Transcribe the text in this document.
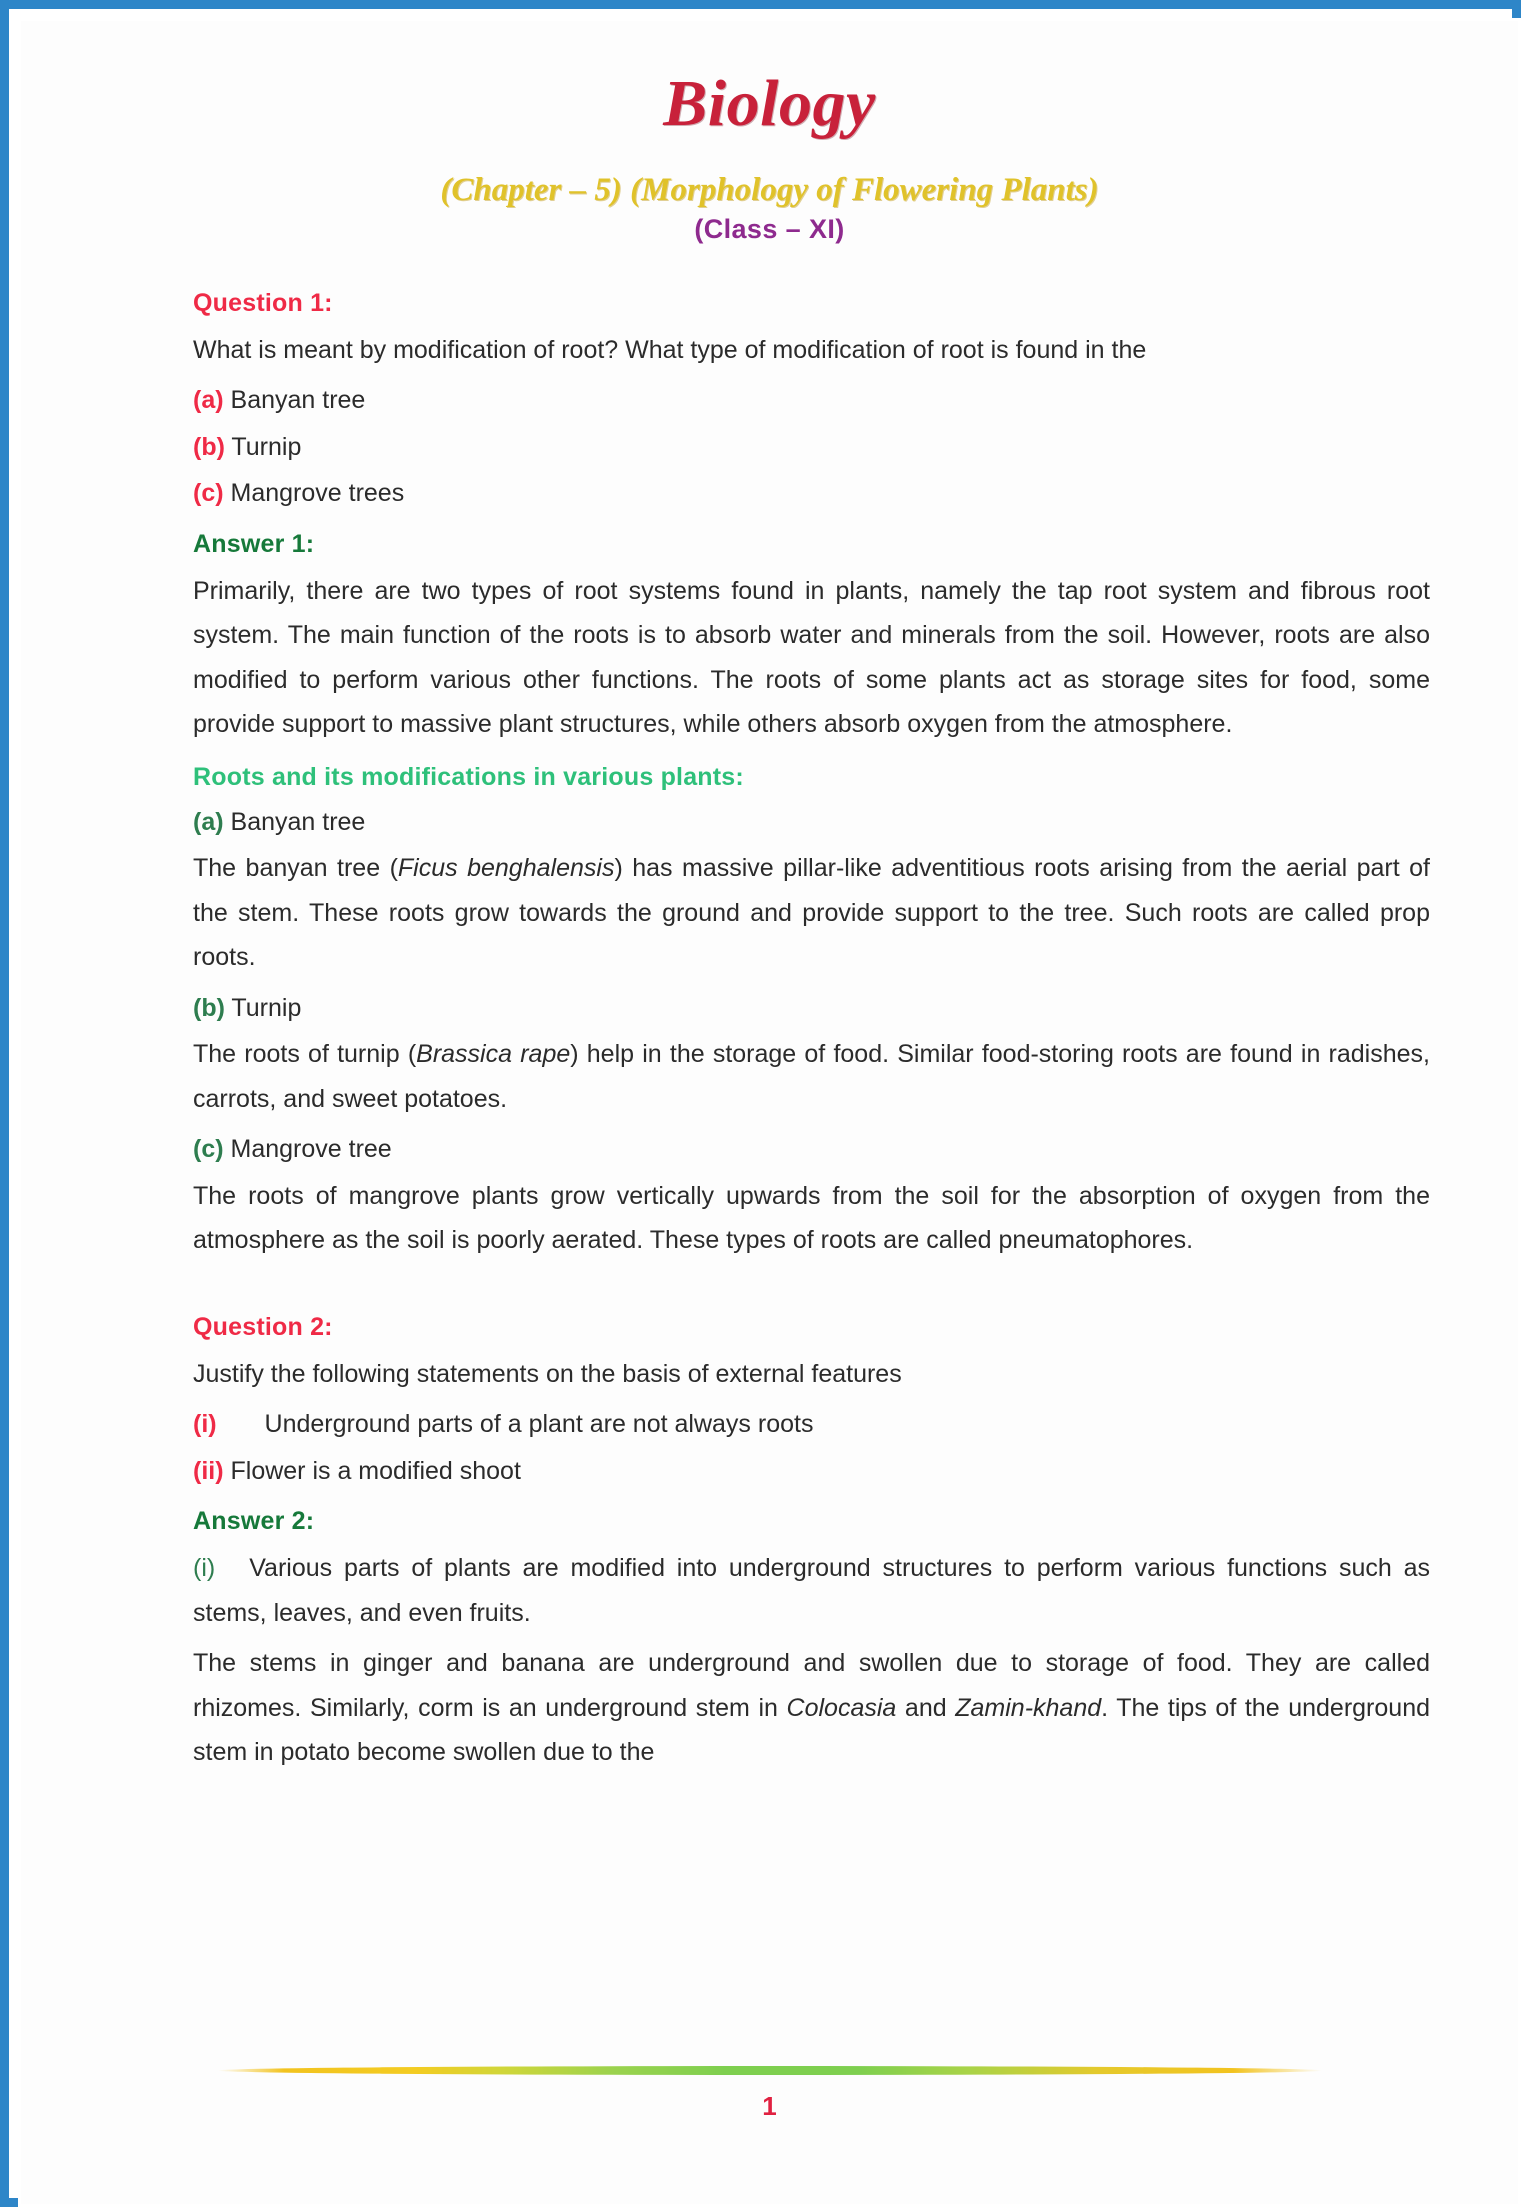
Biology
(Chapter – 5) (Morphology of Flowering Plants)
(Class – XI)
Question 1:

What is meant by modification of root? What type of modification of root is found in the

(a) Banyan tree

(b) Turnip

(c) Mangrove trees

Answer 1:

Primarily, there are two types of root systems found in plants, namely the tap root system and fibrous root system. The main function of the roots is to absorb water and minerals from the soil. However, roots are also modified to perform various other functions. The roots of some plants act as storage sites for food, some provide support to massive plant structures, while others absorb oxygen from the atmosphere.

Roots and its modifications in various plants:

(a) Banyan tree

The banyan tree (Ficus benghalensis) has massive pillar-like adventitious roots arising from the aerial part of the stem. These roots grow towards the ground and provide support to the tree. Such roots are called prop roots.

(b) Turnip

The roots of turnip (Brassica rape) help in the storage of food. Similar food-storing roots are found in radishes, carrots, and sweet potatoes.

(c) Mangrove tree

The roots of mangrove plants grow vertically upwards from the soil for the absorption of oxygen from the atmosphere as the soil is poorly aerated. These types of roots are called pneumatophores.

Question 2:

Justify the following statements on the basis of external features

(i) Underground parts of a plant are not always roots

(ii) Flower is a modified shoot

Answer 2:

(i) Various parts of plants are modified into underground structures to perform various functions such as stems, leaves, and even fruits.

The stems in ginger and banana are underground and swollen due to storage of food. They are called rhizomes. Similarly, corm is an underground stem in Colocasia and Zamin-khand. The tips of the underground stem in potato become swollen due to the

1
